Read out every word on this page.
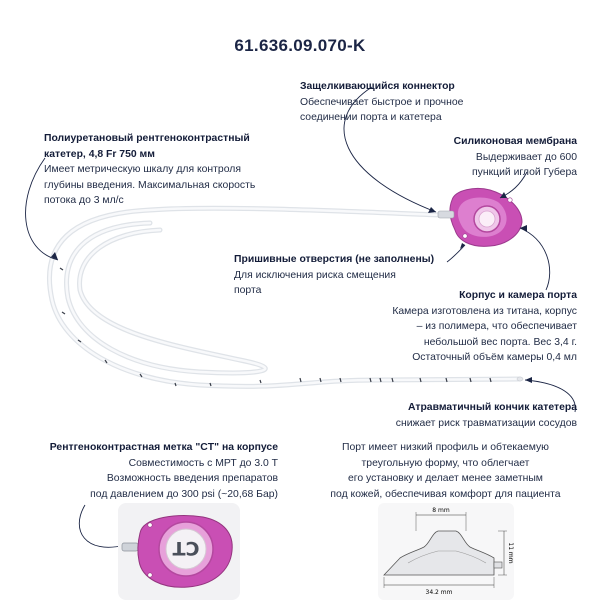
61.636.09.070-K
Защелкивающийся коннектор
Обеспечивает быстрое и прочное
соединении порта и катетера
Полиуретановый рентгеноконтрастный
катетер, 4,8 Fr 750 мм
Имеет метрическую шкалу для контроля
глубины введения. Максимальная скорость
потока до 3 мл/с
Силиконовая мембрана
Выдерживает до 600
пункций иглой Губера
Пришивные отверстия (не заполнены)
Для исключения риска смещения
порта	Корпус и камера порта
Камера изготовлена из титана, корпус
– из полимера, что обеспечивает
небольшой вес порта. Вес 3,4 г.
Остаточный объём камеры 0,4 мл
Атравматичный кончик катетера
снижает риск травматизации сосудов
Рентгеноконтрастная метка "CT" на корпусе
Совместимость с МРТ до 3.0 Т
Возможность введения препаратов
под давлением до 300 psi (~20,68 Бар)
Порт имеет низкий профиль и обтекаемую
треугольную форму, что облегчает
его установку и делает менее заметным
под кожей, обеспечивая комфорт для пациента
CT
8 mm
34.2 mm
11 mm
